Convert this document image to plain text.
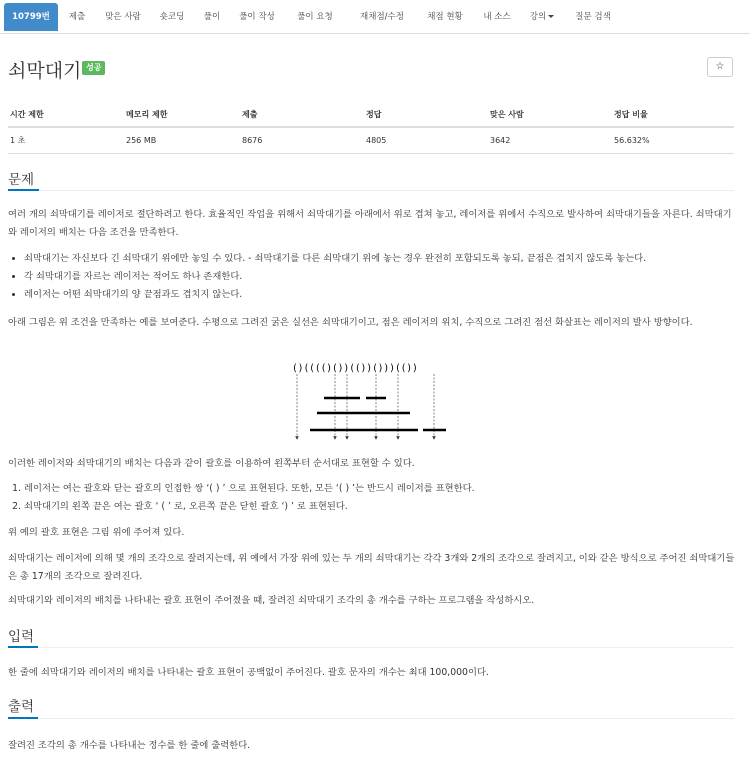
10799번	제출	맞은 사람	숏코딩	풀이	풀이 작성	풀이 요청	재채점/수정	채점 현황	내 소스	강의	질문 검색
쇠막대기 성공	☆
시간 제한	메모리 제한	제출	정답	맞은 사람	정답 비율
1 초	256 MB	8676	4805	3642	56.632%
문제
여러 개의 쇠막대기를 레이저로 절단하려고 한다. 효율적인 작업을 위해서 쇠막대기를 아래에서 위로 겹쳐 놓고, 레이저를 위에서 수직으로 발사하여 쇠막대기들을 자른다. 쇠막대기와 레이저의 배치는 다음 조건을 만족한다.
• 쇠막대기는 자신보다 긴 쇠막대기 위에만 놓일 수 있다. - 쇠막대기를 다른 쇠막대기 위에 놓는 경우 완전히 포함되도록 놓되, 끝점은 겹치지 않도록 놓는다.
• 각 쇠막대기를 자르는 레이저는 적어도 하나 존재한다.
• 레이저는 어떤 쇠막대기의 양 끝점과도 겹치지 않는다.
아래 그림은 위 조건을 만족하는 예를 보여준다. 수평으로 그려진 굵은 실선은 쇠막대기이고, 점은 레이저의 위치, 수직으로 그려진 점선 화살표는 레이저의 발사 방향이다.
()(((()())(())()))(())
이러한 레이저와 쇠막대기의 배치는 다음과 같이 괄호를 이용하여 왼쪽부터 순서대로 표현할 수 있다.
1. 레이저는 여는 괄호와 닫는 괄호의 인접한 쌍 ‘( ) ’ 으로 표현된다. 또한, 모든 ‘( ) ’는 반드시 레이저를 표현한다.
2. 쇠막대기의 왼쪽 끝은 여는 괄호 ‘ ( ’ 로, 오른쪽 끝은 닫힌 괄호 ‘) ’ 로 표현된다.
위 예의 괄호 표현은 그림 위에 주어져 있다.
쇠막대기는 레이저에 의해 몇 개의 조각으로 잘려지는데, 위 예에서 가장 위에 있는 두 개의 쇠막대기는 각각 3개와 2개의 조각으로 잘려지고, 이와 같은 방식으로 주어진 쇠막대기들은 총 17개의 조각으로 잘려진다.
쇠막대기와 레이저의 배치를 나타내는 괄호 표현이 주어졌을 때, 잘려진 쇠막대기 조각의 총 개수를 구하는 프로그램을 작성하시오.
입력
한 줄에 쇠막대기와 레이저의 배치를 나타내는 괄호 표현이 공백없이 주어진다. 괄호 문자의 개수는 최대 100,000이다.
출력
잘려진 조각의 총 개수를 나타내는 정수를 한 줄에 출력한다.
